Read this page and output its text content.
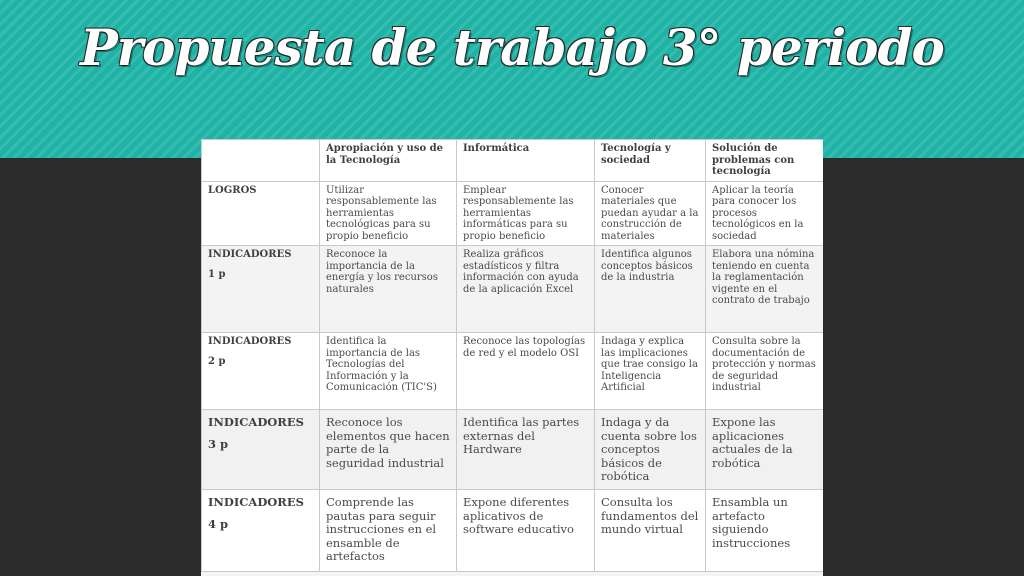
Propuesta de trabajo 3° periodo
	Apropiación y uso de la Tecnología	Informática	Tecnología y sociedad	Solución de problemas con tecnología
LOGROS	Utilizar responsablemente las herramientas tecnológicas para su propio beneficio	Emplear responsablemente las herramientas informáticas para su propio beneficio	Conocer materiales que puedan ayudar a la construcción de materiales	Aplicar la teoría para conocer los procesos tecnológicos en la sociedad
INDICADORES
1 p	Reconoce la importancia de la energía y los recursos naturales	Realiza gráficos estadísticos y filtra información con ayuda de la aplicación Excel	Identifica algunos conceptos básicos de la industria	Elabora una nómina teniendo en cuenta la reglamentación vigente en el contrato de trabajo
INDICADORES
2 p	Identifica la importancia de las Tecnologías del Información y la Comunicación (TIC'S)	Reconoce las topologías de red y el modelo OSI	Indaga y explica las implicaciones que trae consigo la Inteligencia Artificial	Consulta sobre la documentación de protección y normas de seguridad industrial
INDICADORES
3 p	Reconoce los elementos que hacen parte de la seguridad industrial	Identifica las partes externas del Hardware	Indaga y da cuenta sobre los conceptos básicos de robótica	Expone las aplicaciones actuales de la robótica
INDICADORES
4 p	Comprende las pautas para seguir instrucciones en el ensamble de artefactos	Expone diferentes aplicativos de software educativo	Consulta los fundamentos del mundo virtual	Ensambla un artefacto siguiendo instrucciones
